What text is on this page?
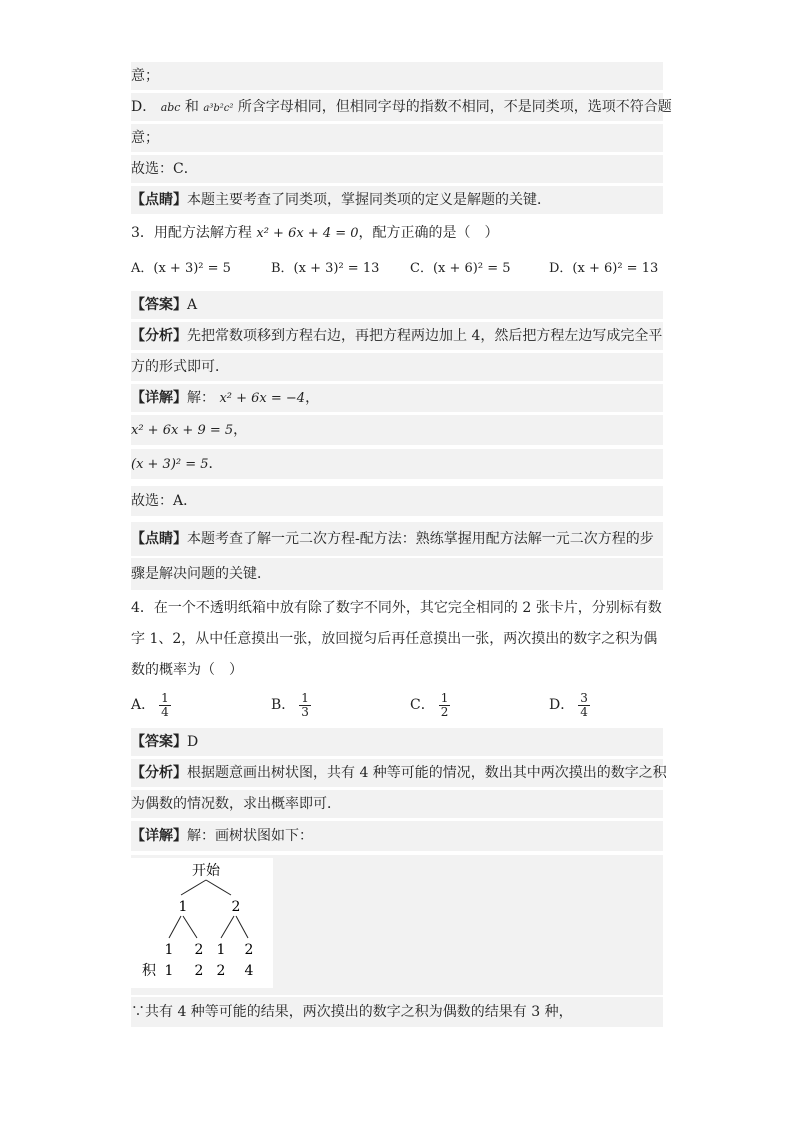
意；
D． abc 和 a³b²c² 所含字母相同，但相同字母的指数不相同，不是同类项，选项不符合题
意；
故选：C．
【点睛】本题主要考查了同类项，掌握同类项的定义是解题的关键．
3．用配方法解方程 x² + 6x + 4 = 0，配方正确的是（　）
A．(x + 3)² = 5	B．(x + 3)² = 13 C．(x + 6)² = 5	D．(x + 6)² = 13
【答案】A
【分析】先把常数项移到方程右边，再把方程两边加上 4，然后把方程左边写成完全平
方的形式即可．
【详解】解： x² + 6x = −4，
x² + 6x + 9 = 5，
(x + 3)² = 5．
故选：A．
【点睛】本题考查了解一元二次方程-配方法：熟练掌握用配方法解一元二次方程的步
骤是解决问题的关键．
4．在一个不透明纸箱中放有除了数字不同外，其它完全相同的 2 张卡片，分别标有数
字 1、2，从中任意摸出一张，放回搅匀后再任意摸出一张，两次摸出的数字之积为偶
数的概率为（　）
A． $\frac{1}{4}$	B． $\frac{1}{3}$	C． $\frac{1}{2}$	D． $\frac{3}{4}$
【答案】D
【分析】根据题意画出树状图，共有 4 种等可能的情况，数出其中两次摸出的数字之积
为偶数的情况数，求出概率即可．
【详解】解：画树状图如下：
开始
1	2
1 2 1 2
积 1 2 2 4
∵共有 4 种等可能的结果，两次摸出的数字之积为偶数的结果有 3 种，
